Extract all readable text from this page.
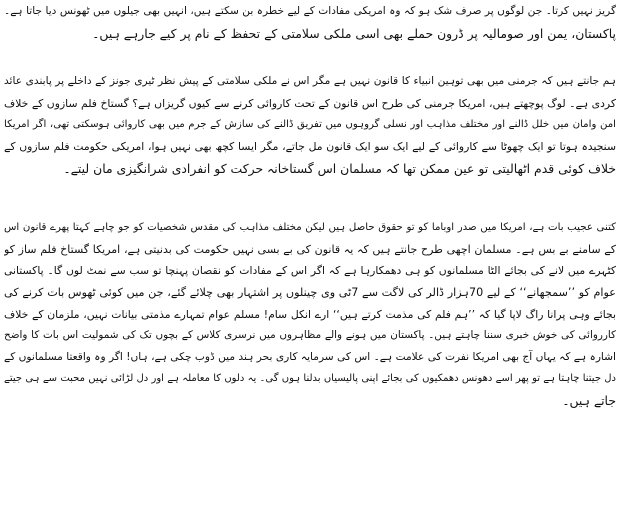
گریز نہیں کرتا۔ جن لوگوں پر صرف شک ہو کہ وہ امریکی مفادات کے لیے خطرہ بن سکتے ہیں، انہیں بھی جیلوں میں ٹھونس دیا جاتا ہے۔
پاکستان، یمن اور صومالیہ پر ڈرون حملے بھی اسی ملکی سلامتی کے تحفظ کے نام پر کیے جارہے ہیں۔
ہم جانتے ہیں کہ جرمنی میں بھی توہین انبیاء کا قانون نہیں ہے مگر اس نے ملکی سلامتی کے پیش نظر ٹیری جونز کے داخلے پر پابندی عائد
کردی ہے۔ لوگ پوچھتے ہیں، امریکا جرمنی کی طرح اس قانون کے تحت کاروائی کرنے سے کیوں گریزاں ہے؟ گستاخ فلم سازوں کے خلاف
امن وامان میں خلل ڈالنے اور مختلف مذاہب اور نسلی گروہوں میں تفریق ڈالنے کی سازش کے جرم میں بھی کاروائی ہوسکتی تھی، اگر امریکا
سنجیدہ ہوتا تو ایک چھوٹا سے کاروائی کے لیے ایک سو ایک قانون مل جاتے، مگر ایسا کچھ بھی نہیں ہوا، امریکی حکومت فلم سازوں کے
خلاف کوئی قدم اٹھالیتی تو عین ممکن تھا کہ مسلمان اس گستاخانہ حرکت کو انفرادی شرانگیزی مان لیتے۔
کتنی عجیب بات ہے، امریکا میں صدر اوباما کو تو حقوق حاصل ہیں لیکن مختلف مذاہب کی مقدس شخصیات کو جو چاہے کہتا پھرے قانون اس
کے سامنے بے بس ہے۔ مسلمان اچھی طرح جانتے ہیں کہ یہ قانون کی بے بسی نہیں حکومت کی بدنیتی ہے، امریکا گستاخ فلم ساز کو
کٹہرے میں لانے کی بجائے الٹا مسلمانوں کو ہی دھمکارہا ہے کہ اگر اس کے مفادات کو نقصان پہنچا تو سب سے نمٹ لوں گا۔ پاکستانی
عوام کو ’’سمجھانے‘‘ کے لیے 70ہزار ڈالر کی لاگت سے 7ٹی وی چینلوں پر اشتہار بھی چلائے گئے، جن میں کوئی ٹھوس بات کرنے کی
بجائے وہی پرانا راگ لاپا گیا کہ ’’ہم فلم کی مذمت کرتے ہیں‘‘ ارے انکل سام! مسلم عوام تمہارے مذمتی بیانات نہیں، ملزمان کے خلاف
کارروائی کی خوش خبری سننا چاہتے ہیں۔ پاکستان میں ہونے والے مظاہروں میں نرسری کلاس کے بچوں تک کی شمولیت اس بات کا واضح
اشارہ ہے کہ یہاں آج بھی امریکا نفرت کی علامت ہے۔ اس کی سرمایہ کاری بحر ہند میں ڈوب چکی ہے، ہاں! اگر وہ واقعتا مسلمانوں کے
دل جیتنا چاہتا ہے تو پھر اسے دھونس دھمکیوں کی بجائے اپنی پالیسیاں بدلنا ہوں گی۔ یہ دلوں کا معاملہ ہے اور دل لڑائی نہیں محبت سے ہی جیتے
جاتے ہیں۔
